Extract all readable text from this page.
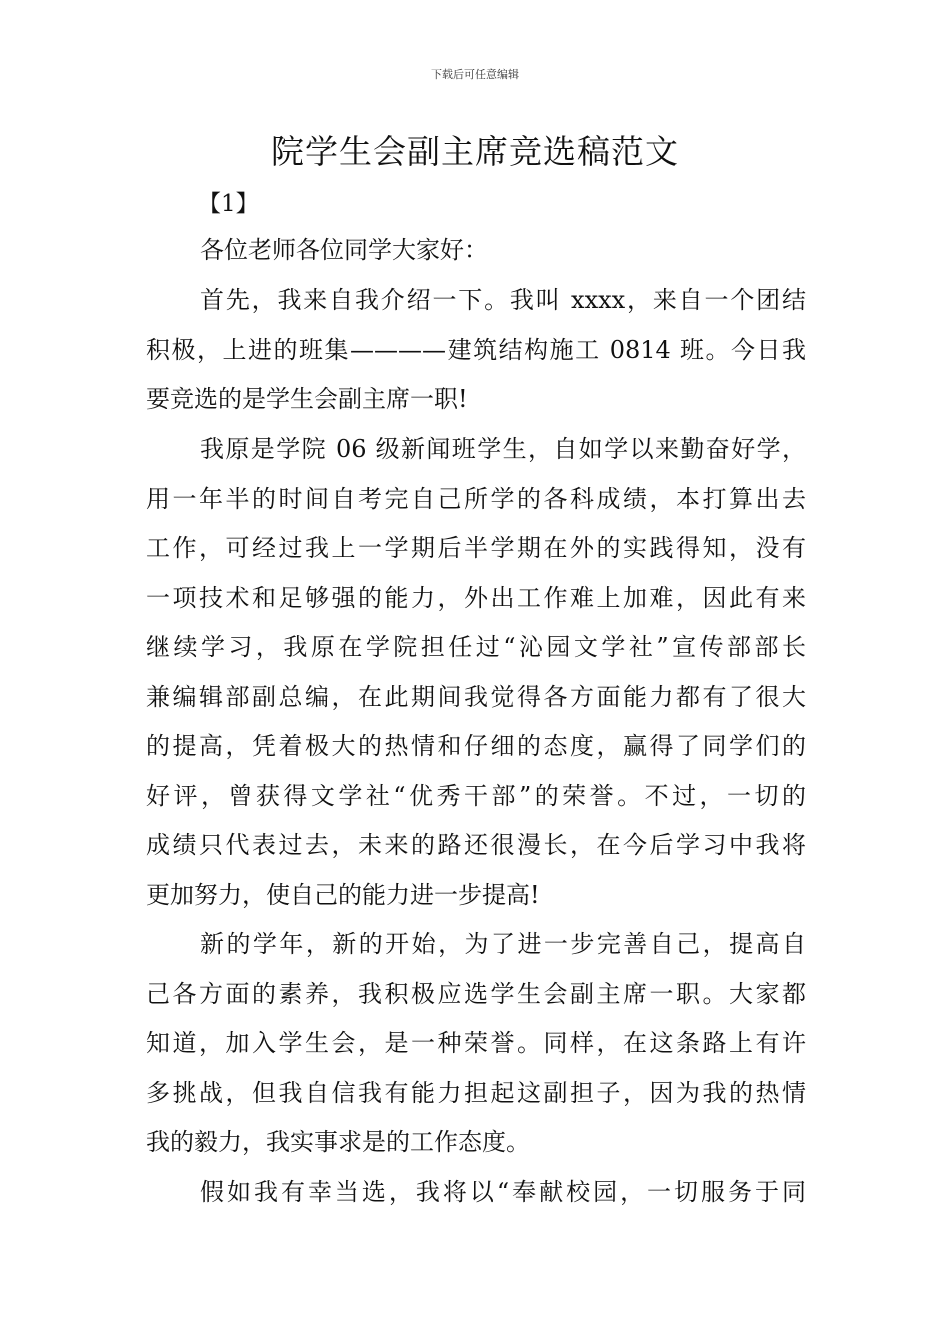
下载后可任意编辑
院学生会副主席竞选稿范文
【1】
各位老师各位同学大家好：
首先，我来自我介绍一下。我叫 xxxx，来自一个团结
积极，上进的班集————建筑结构施工 0814 班。今日我
要竞选的是学生会副主席一职!
我原是学院 06 级新闻班学生，自如学以来勤奋好学，
用一年半的时间自考完自己所学的各科成绩，本打算出去
工作，可经过我上一学期后半学期在外的实践得知，没有
一项技术和足够强的能力，外出工作难上加难，因此有来
继续学习，我原在学院担任过“沁园文学社”宣传部部长
兼编辑部副总编，在此期间我觉得各方面能力都有了很大
的提高，凭着极大的热情和仔细的态度，赢得了同学们的
好评，曾获得文学社“优秀干部”的荣誉。不过，一切的
成绩只代表过去，未来的路还很漫长，在今后学习中我将
更加努力，使自己的能力进一步提高!
新的学年，新的开始，为了进一步完善自己，提高自
己各方面的素养，我积极应选学生会副主席一职。大家都
知道，加入学生会，是一种荣誉。同样，在这条路上有许
多挑战，但我自信我有能力担起这副担子，因为我的热情
我的毅力，我实事求是的工作态度。
假如我有幸当选，我将以“奉献校园，一切服务于同
